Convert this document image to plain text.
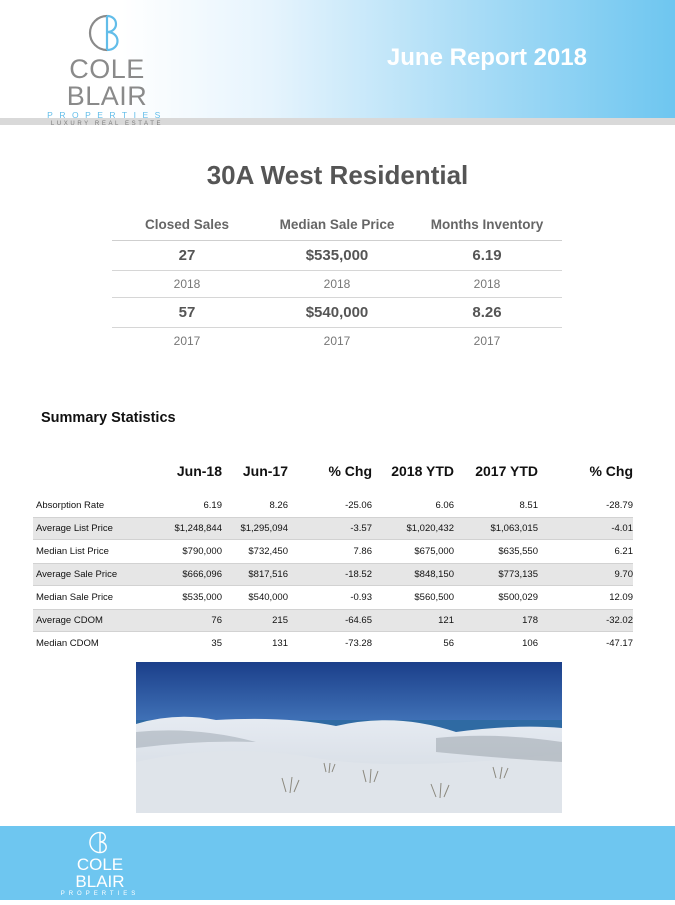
COLE BLAIR
PROPERTIES
LUXURY REAL ESTATE
June Report 2018
30A West Residential
Closed Sales	Median Sale Price	Months Inventory
27	$535,000	6.19
2018	2018	2018
57	$540,000	8.26
2017	2017	2017
Summary Statistics
Jun-18	Jun-17	% Chg	2018 YTD	2017 YTD	% Chg
Absorption Rate	6.19	8.26	-25.06	6.06	8.51	-28.79
Average List Price	$1,248,844	$1,295,094	-3.57	$1,020,432	$1,063,015	-4.01
Median List Price	$790,000	$732,450	7.86	$675,000	$635,550	6.21
Average Sale Price	$666,096	$817,516	-18.52	$848,150	$773,135	9.70
Median Sale Price	$535,000	$540,000	-0.93	$560,500	$500,029	12.09
Average CDOM	76	215	-64.65	121	178	-32.02
Median CDOM	35	131	-73.28	56	106	-47.17
COLE BLAIR
PROPERTIES
LUXURY REAL ESTATE
